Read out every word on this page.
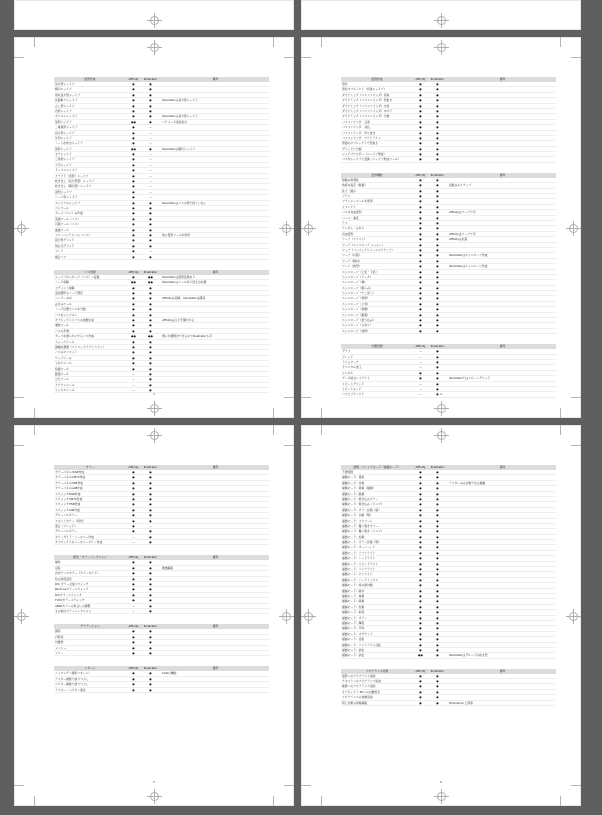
図形作成	Affinity	Illustrator	備考
長方形シェイプ	●	●
楕円シェイプ	●	●
角丸長方形シェイプ	●	●
長面取りシェイプ	●	●	Illustratorは長方形シェイプ
ひし形シェイプ	●	●
台形シェイプ	●	●
ポリゴンシェイプ	●	●	Illustratorは長方形シェイプ
星形シェイプ	●●	●	パラメータ追加含む
二重星形シェイプ	●	—
長方形シェイプ	●	—
矢印シェイプ	●	—
ノート状吹出シェイプ	●	—
扇形シェイプ	●●	●	Illustratorは楕円シェイプ
ギアシェイプ	●	—
三角形シェイプ	●	—
十字シェイプ	●	—
ドーナツシェイプ	●	—
クラウド（雲形）シェイプ	●	—
吹き出し（長方形型）シェイプ	●	—
吹き出し（楕円型）シェイプ	●	—
涙型シェイプ	●	—
ハート形シェイプ	●	—
スパイラルシェイプ	●	●	Illustratorはパスの形で似ていない
ペンツール	●	●
カーブ（ペン）の作成	●	●
直線ツール（パス）	●	●
円弧ツール（パス）	●	●
曲線ツール	●	●
フリーハンドツール（パス）	●	●	他に鉛筆ツールを併用
長方形グリッド	●	●
同心円グリッド	●	●
フレア	●	—
複合パス	●	●
パス処理	Affinity	Illustrator	備考
シェイプからカーブ（パス）へ変換	●	●●	Illustratorは図形変換あり
ノード削除	●●	●●	Illustratorはツール切り替えが必要
セグメント削除	●	●
追加選択のノード選択	●	●
コーナー丸め	●	●	Affinityは同時、Illustratorは個別
はさみツール	●	●
ノード位置でパスを分割	●	●
パスをシンプルへ	●	●
オブジェクトにパスの自動生成	●	●	Affinityはひと手間かかる
連結ツール	●	●
パスの平滑	●	●
カーブを滑らかにするパス作成	●●	●●	滑らか調整ができるのでIllustratorも可
スムーズツール	●	●
線幅を調整（ストロークアウトライン）	●	●
パスのオフセット	●	●
ワープツール	●	●
うねりツール	●	●
収縮ツール	●	●
膨張ツール	—	●
ひだツール	—	●
クラウンツール	—	●
リンクルツール	—	●
3
図形作成	Affinity	Illustrator	備考
形状	●	●
形状オブジェクト（切抜シェイプ）	●	●
ダイナミック（パスファインダ）追加	●	●
ダイナミック（パスファインダ）型抜き	●	●
ダイナミック（パスファインダ）交差	●	●
ダイナミック（パスファインダ）中マド	●	●
ダイナミック（パスファインダ）分割	●	●
パスファインダ　合流	●	●
パスファインダ　刈込	●	●
パスファインダ　切り抜き	●	●
パスファインダ　アウトライン	●	●
背面のオブジェクトで型抜き	●	●
グリッドに分割	●	●
シェイプビルダー（シェイプ形成）	●	●
パスをシェイプに変換（シェイプ形成ツール）	●	●
変形機能	Affinity	Illustrator	備考
移動の再現性	●	●
角度の指定（数値）	●	●	指数はネイティブ
拡大・縮小	●	●
ブラシ	●	●
ブラッシュツールを使用	●	●
リフレクト	●	●
パスの自由変形	●	●	Affinityはワープで可
パース・遠近	●	●
ラフ	●	●
ランダム・ひねり	●	●
自由変形	●	●	Affinityはワープで可
ワープ（ツイスト）	●	●	Affinityは拡張
ワープ（エンベロープ メッシュ）	●	●
ワープ（パーフェクトパースペクティブ）	●	●
ワープ（円弧）	●	●	Illustratorはエンベロープ作成
ワープ（傾斜）	●	●
ワープ（波形）	●	●	Illustratorはエンベロープ作成
エンベロープ（上弦・下弦）	●	●
エンベロープ（アーチ）	●	●
エンベロープ（旗）	●	●
エンベロープ（膨らみ）	●	●
エンベロープ（でこぼこ）	●	●
エンベロープ（魚形）	●	●
エンベロープ（上昇）	●	●
エンベロープ（魚眼）	●	●
エンベロープ（膨張）	●	●
エンベロープ（絞り込み）	●	●
エンベロープ（ひねり）	●	●
エンベロープ（波形）	●	●
外観処理	Affinity	Illustrator	備考
グラフ	—	●
ブレンド	—	●
トリムマーク	—	●
クリスタル加工	—	●
シンボル	●	●
データ結合レイアウト	●	●	Illustratorではリピートグリッド
リピートグリッド	—	●
リピートモード	—	●
パスとブジェクト	—	● 4
カラー	Affinity	Illustrator	備考
カラーパネル RGB作成	●	●
カラーパネルCMYK作成	●	●
カラーパネルHSB作成	●	●
カラーパネルLAB作成	●	●
スウォッチRGB作成	●	●
スウォッチCMYK作成	●	●
スウォッチHSB作成	●	●
スウォッチLAB作成	●	●
グローバルカラー	●	●
スポットカラー（特色）	●	●
混合（ブレンド）	●	—
グローバルカラー	●	●
カラーガイド・ハーモニー作成	—	●
オブジェクトのハーモニーカラー作成	—	●
配色・カラーコレクション	Affinity	Illustrator	備考
補色	●	●
反転	●	●	破壊編集
自作テーマカラー（カラーガイド）	●	●
色の彩度変化	●	●
DIC カラー合成スウォッチ	●	●
Pantoneカラースウォッチ	●	●
DICカラースウォッチ	●	●
TOYOカラースウォッチ	●	●
ANPAカラーの色合いの調整	—	●
その他のカラーコレクション	—	●
グラデーション	Affinity	Illustrator	備考
線形	●	●
円形状	●	●
円錐形	●	●
メッシュ	●	●
フリー	●	●
パターン	Affinity	Illustrator	備考
ハッチング（線形パターン）	●	●	CADの機能
ラスター画像で塗りつぶし	●	●
ベクター画像で塗りつぶし	●	●
ラスター・ベクター混在	●	●
5
透明・ブレンドモード（描画モード）	Affinity	Illustrator	備考
不透明度	●	●
描画モード：通常	●	●
描画モード：比較	●	●	ラスターのみ比較で出る描画
描画モード：乗算（描画）	●	●
描画モード：除算	●	●
描画モード：焼き込みカラー	●	●
描画モード：焼き込み（リニア）	●	●
描画モード：カラー比較（暗）	●	●
描画モード：比較（明）	●	●
描画モード：スクリーン	●	●
描画モード：覆い焼きカラー	●	●
描画モード：覆い焼き（リニア）	●	●
描画モード：加算	●	●
描画モード：カラー比較（明）	●	●
描画モード：オーバーレイ	●	●
描画モード：ソフトライト	●	●
描画モード：ハードライト	●	●
描画モード：ビビッドライト	●	●
描画モード：リニアライト	●	●
描画モード：ピンライト	●	●
描画モード：ハードミックス	●	●
描画モード：差の絶対値	●	●
描画モード：除外	●	●
描画モード：減算	●	●
描画モード：除算	●	●
描画モード：色相	●	●
描画モード：彩度	●	●
描画モード：カラー	●	●
描画モード：輝度	●	●
描画モード：平均	●	●
描画モード：ネガティブ	●	●
描画モード：反転	●	●
描画モード：コントラスト反転	●	●
描画モード：消去	●	●
描画モード：消去	●●	●	Illustratorはグループの抜き型
アピアランス効果	Affinity	Illustrator	備考
図形へのアピアランス追加	●	●
テキストへのアピアランス追加	●	●
画像へのアピアランス追加	●	●
オブジェクト 3Dへの自動設定	●	●
アピアランスの自動追加	●	●
同じ効果の同時編集	●	●	Photoshop と同等
6
